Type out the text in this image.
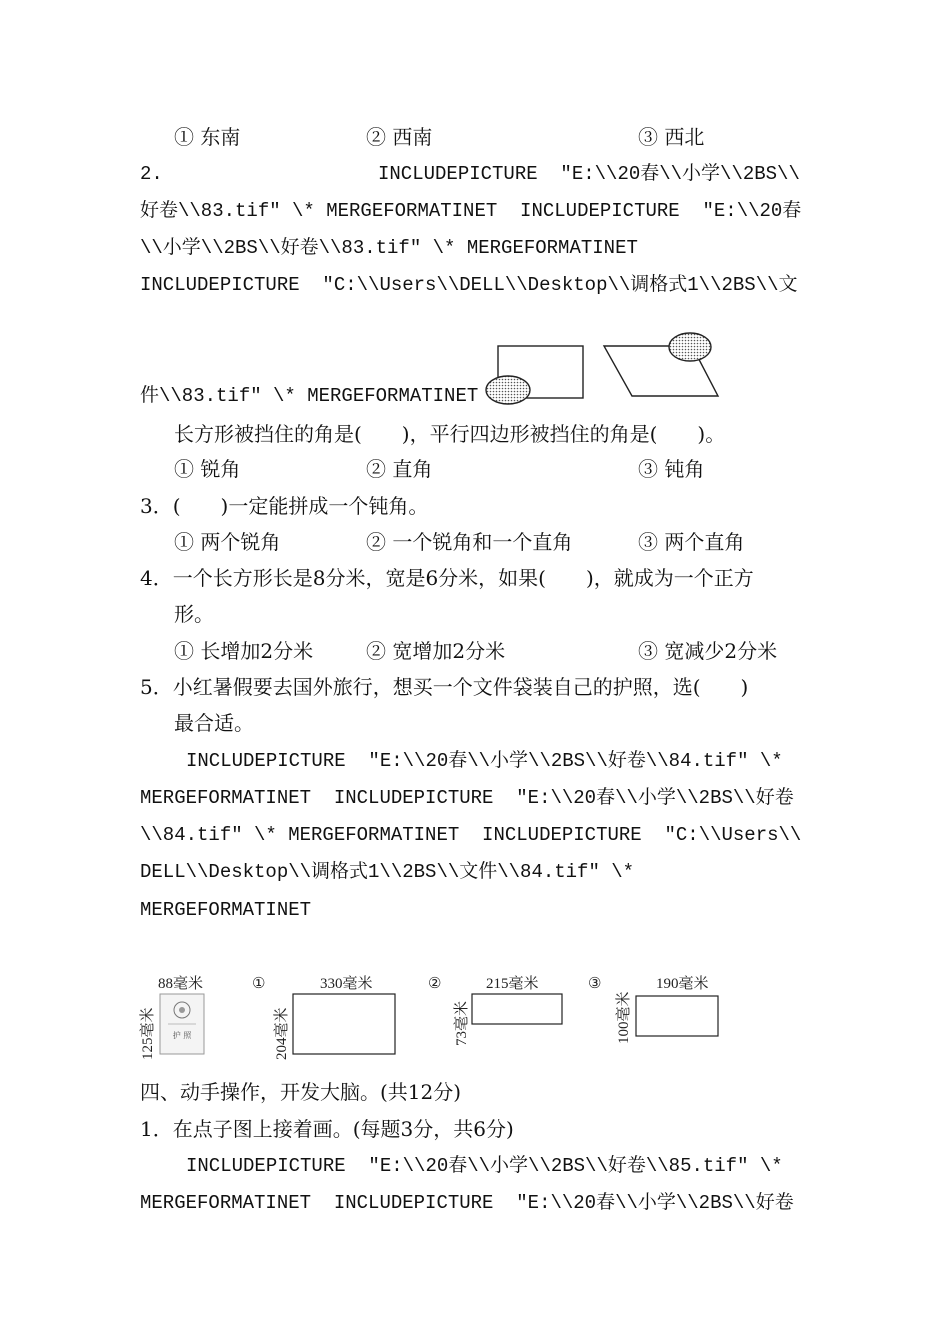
① 东南	② 西南	③ 西北
2.	INCLUDEPICTURE  "E:\\20春\\小学\\2BS\\
好卷\\83.tif" \* MERGEFORMATINET  INCLUDEPICTURE  "E:\\20春
\\小学\\2BS\\好卷\\83.tif" \* MERGEFORMATINET
INCLUDEPICTURE  "C:\\Users\\DELL\\Desktop\\调格式1\\2BS\\文
件\\83.tif" \* MERGEFORMATINET
长方形被挡住的角是(　　)，平行四边形被挡住的角是(　　)。
① 锐角	② 直角	③ 钝角
3．(　　)一定能拼成一个钝角。
① 两个锐角	② 一个锐角和一个直角	③ 两个直角
4．一个长方形长是8分米，宽是6分米，如果(　　)，就成为一个正方
形。
① 长增加2分米	② 宽增加2分米	③ 宽减少2分米
5．小红暑假要去国外旅行，想买一个文件袋装自己的护照，选(　　)
最合适。
INCLUDEPICTURE  "E:\\20春\\小学\\2BS\\好卷\\84.tif" \*
MERGEFORMATINET  INCLUDEPICTURE  "E:\\20春\\小学\\2BS\\好卷
\\84.tif" \* MERGEFORMATINET  INCLUDEPICTURE  "C:\\Users\\
DELL\\Desktop\\调格式1\\2BS\\文件\\84.tif" \*
MERGEFORMATINET
88毫米
125毫米 护 照
①	330毫米
204毫米
②	215毫米
73毫米
③	190毫米
100毫米
四、动手操作，开发大脑。(共12分)
1．在点子图上接着画。(每题3分，共6分)
INCLUDEPICTURE  "E:\\20春\\小学\\2BS\\好卷\\85.tif" \*
MERGEFORMATINET  INCLUDEPICTURE  "E:\\20春\\小学\\2BS\\好卷
